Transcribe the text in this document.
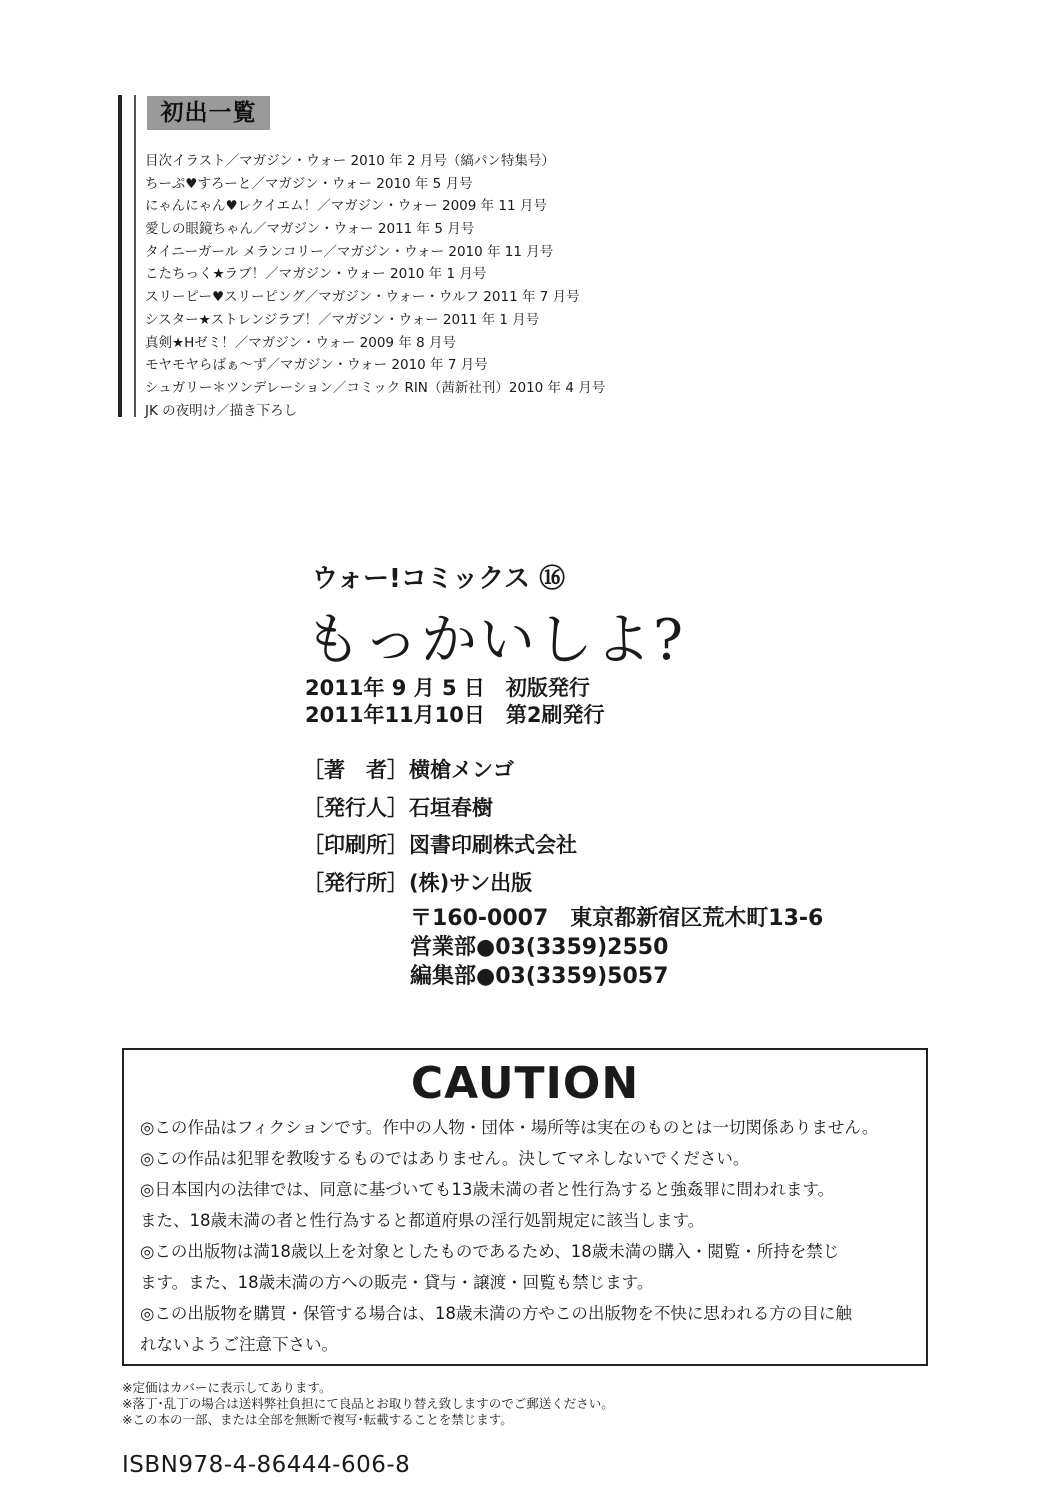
初出一覧
目次イラスト／マガジン・ウォー 2010 年 2 月号（縞パン特集号）
ちーぷ♥すろーと／マガジン・ウォー 2010 年 5 月号
にゃんにゃん♥レクイエム！／マガジン・ウォー 2009 年 11 月号
愛しの眼鏡ちゃん／マガジン・ウォー 2011 年 5 月号
タイニーガール メランコリー／マガジン・ウォー 2010 年 11 月号
こたちっく★ラブ！／マガジン・ウォー 2010 年 1 月号
スリーピー♥スリーピング／マガジン・ウォー・ウルフ 2011 年 7 月号
シスター★ストレンジラブ！／マガジン・ウォー 2011 年 1 月号
真剣★Hゼミ！／マガジン・ウォー 2009 年 8 月号
モヤモヤらばぁ～ず／マガジン・ウォー 2010 年 7 月号
シュガリー＊ツンデレーション／コミック RIN（茜新社刊）2010 年 4 月号
JK の夜明け／描き下ろし
ウォー!コミックス ⑯
もっかいしよ?
2011年 9 月 5 日　初版発行
2011年11月10日　第2刷発行
［著　者］横槍メンゴ
［発行人］石垣春樹
［印刷所］図書印刷株式会社
［発行所］(株)サン出版
〒160-0007　東京都新宿区荒木町13-6
営業部●03(3359)2550
編集部●03(3359)5057
CAUTION
◎この作品はフィクションです。作中の人物・団体・場所等は実在のものとは一切関係ありません。
◎この作品は犯罪を教唆するものではありません。決してマネしないでください。
◎日本国内の法律では、同意に基づいても13歳未満の者と性行為すると強姦罪に問われます。
また、18歳未満の者と性行為すると都道府県の淫行処罰規定に該当します。
◎この出版物は満18歳以上を対象としたものであるため、18歳未満の購入・閲覧・所持を禁じ
ます。また、18歳未満の方への販売・貸与・譲渡・回覧も禁じます。
◎この出版物を購買・保管する場合は、18歳未満の方やこの出版物を不快に思われる方の目に触
れないようご注意下さい。
※定価はカバーに表示してあります。
※落丁･乱丁の場合は送料弊社負担にて良品とお取り替え致しますのでご郵送ください。
※この本の一部、または全部を無断で複写･転載することを禁じます。
ISBN978-4-86444-606-8
